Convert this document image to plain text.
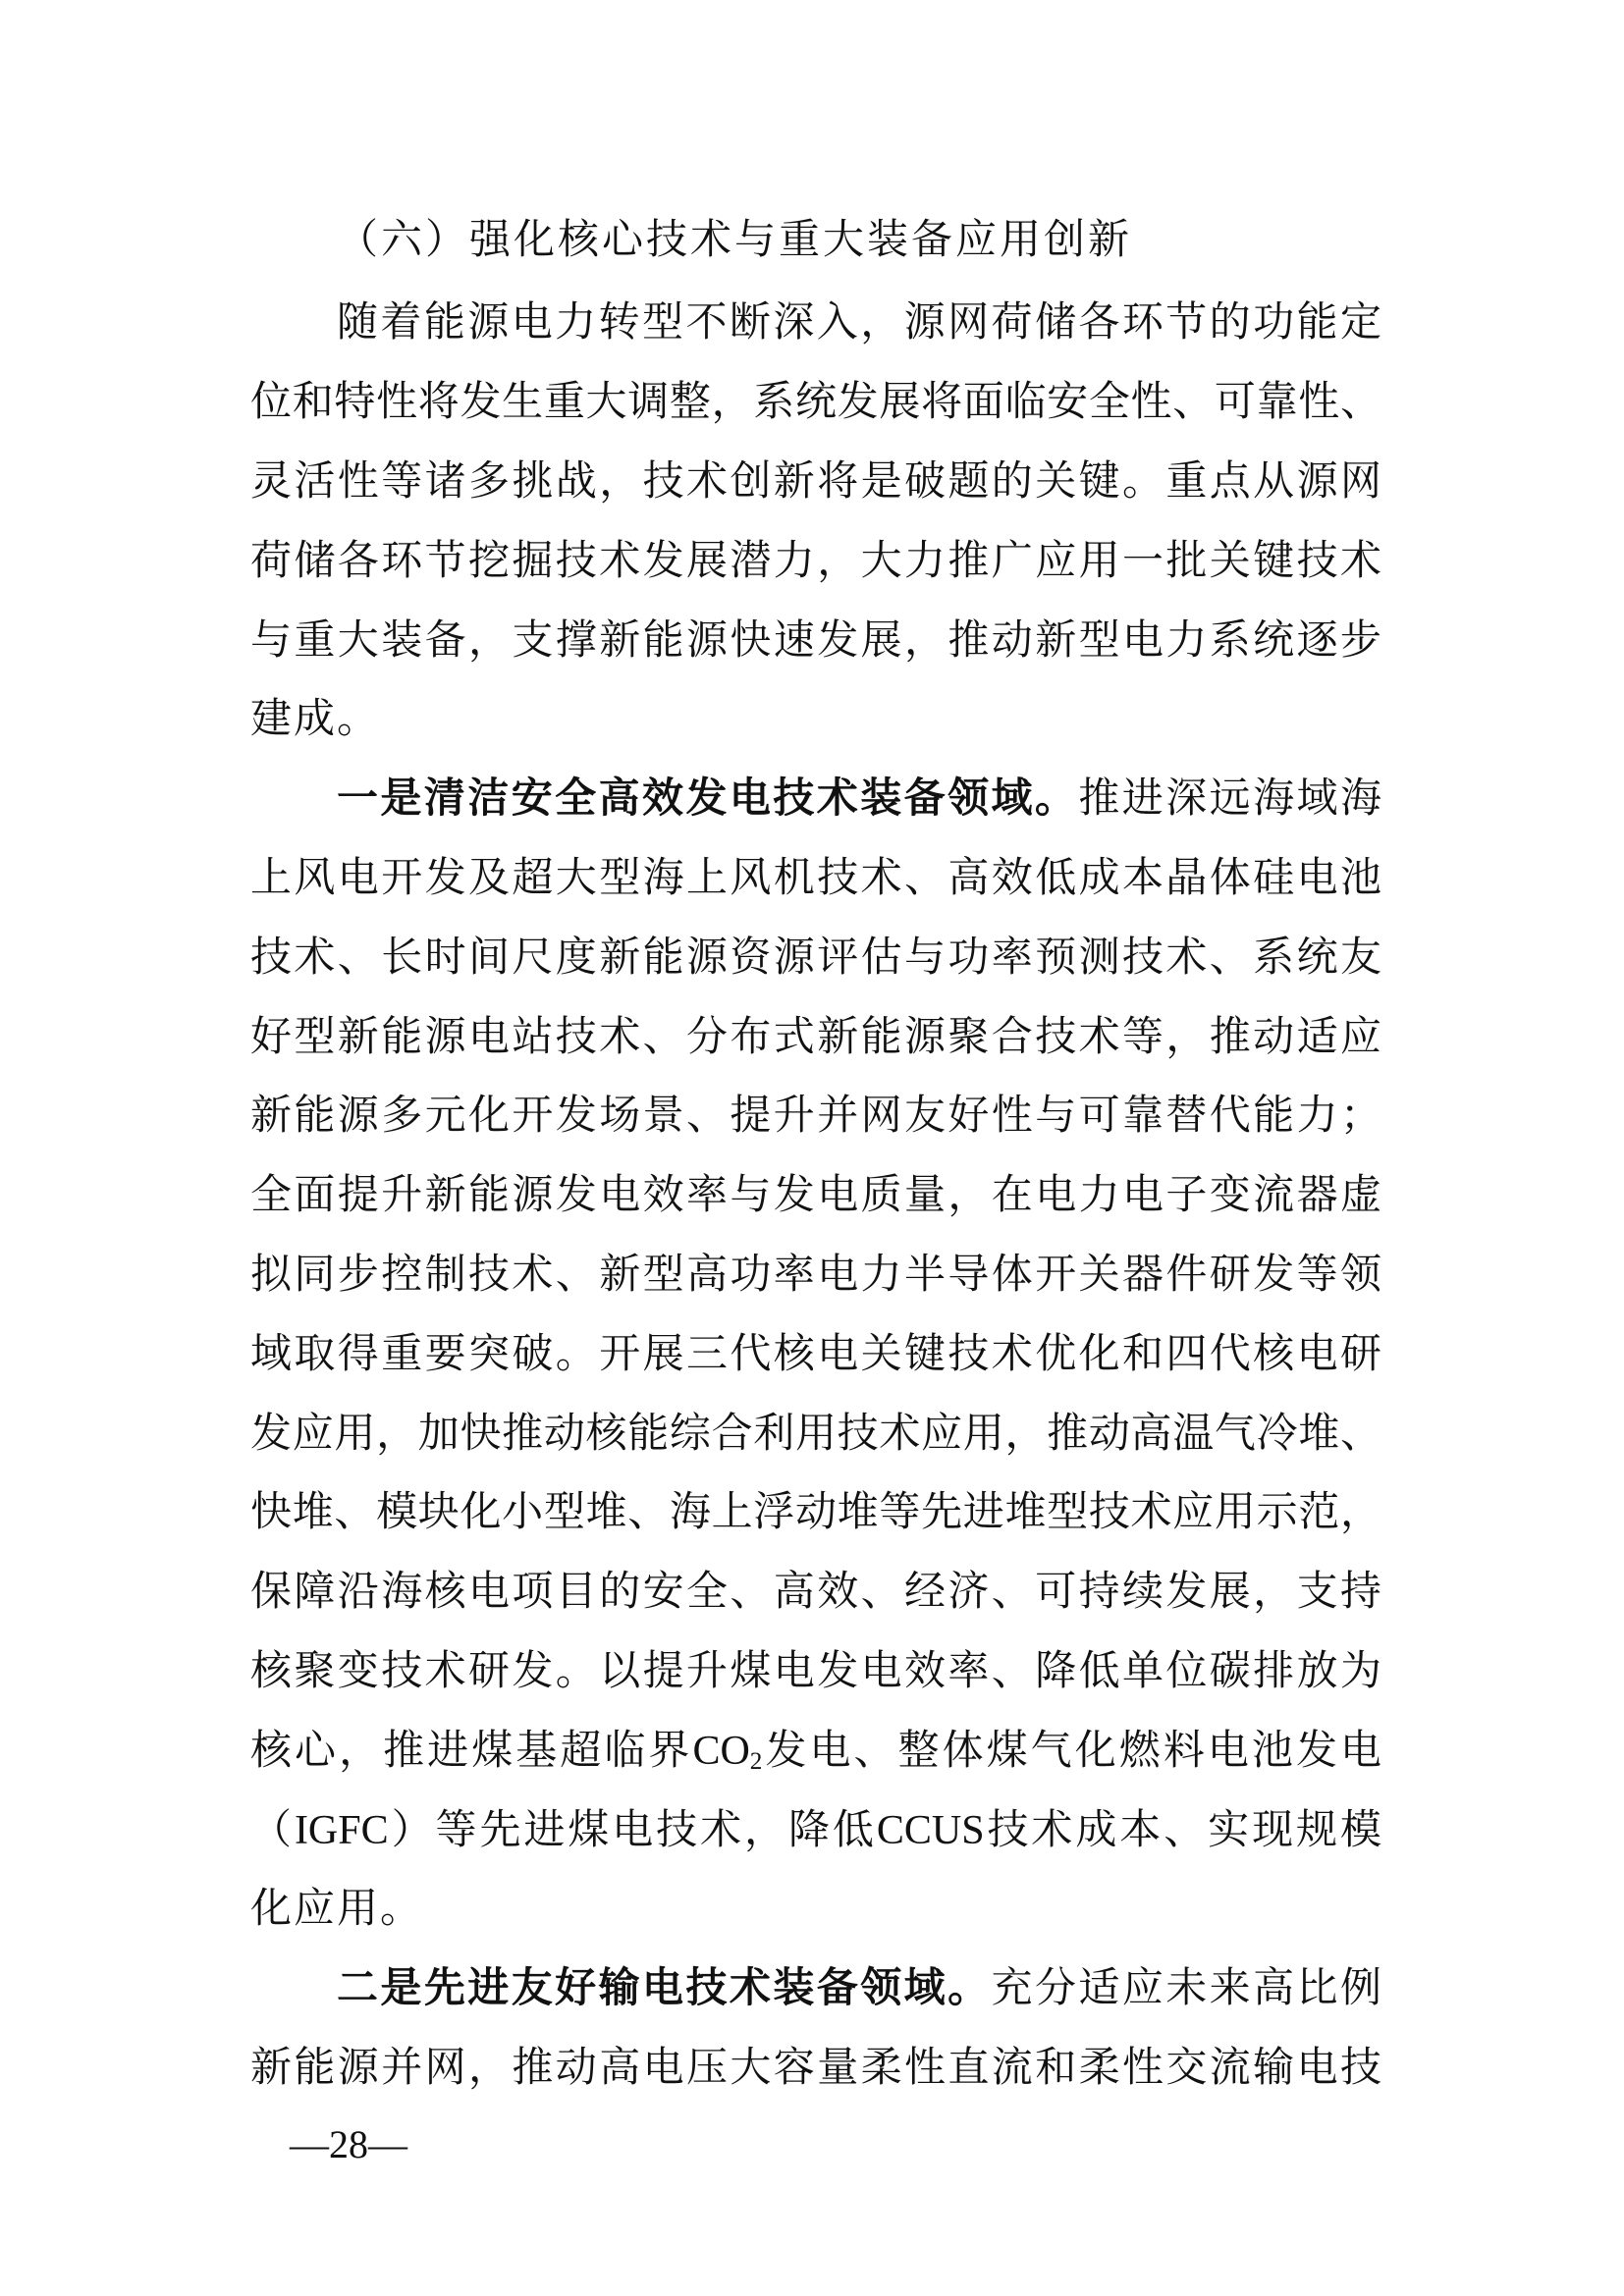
（六）强化核心技术与重大装备应用创新
随着能源电力转型不断深入，源网荷储各环节的功能定
位和特性将发生重大调整，系统发展将面临安全性、可靠性、
灵活性等诸多挑战，技术创新将是破题的关键。重点从源网
荷储各环节挖掘技术发展潜力，大力推广应用一批关键技术
与重大装备，支撑新能源快速发展，推动新型电力系统逐步
建成。
一是清洁安全高效发电技术装备领域。推进深远海域海
上风电开发及超大型海上风机技术、高效低成本晶体硅电池
技术、长时间尺度新能源资源评估与功率预测技术、系统友
好型新能源电站技术、分布式新能源聚合技术等，推动适应
新能源多元化开发场景、提升并网友好性与可靠替代能力；
全面提升新能源发电效率与发电质量，在电力电子变流器虚
拟同步控制技术、新型高功率电力半导体开关器件研发等领
域取得重要突破。开展三代核电关键技术优化和四代核电研
发应用，加快推动核能综合利用技术应用，推动高温气冷堆、
快堆、模块化小型堆、海上浮动堆等先进堆型技术应用示范，
保障沿海核电项目的安全、高效、经济、可持续发展，支持
核聚变技术研发。以提升煤电发电效率、降低单位碳排放为
核心，推进煤基超临界$CO_2$发电、整体煤气化燃料电池发电
（IGFC）等先进煤电技术，降低CCUS技术成本、实现规模
化应用。
二是先进友好输电技术装备领域。充分适应未来高比例
新能源并网，推动高电压大容量柔性直流和柔性交流输电技
—28—
